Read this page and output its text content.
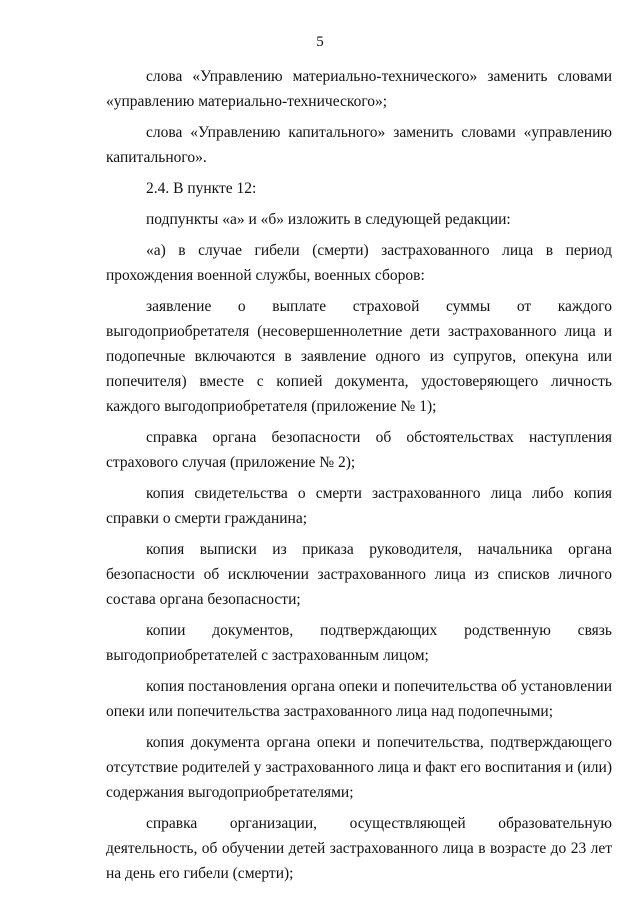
5

слова «Управлению материально-технического» заменить словами «управлению материально-технического»;

слова «Управлению капитального» заменить словами «управлению капитального».

2.4. В пункте 12:

подпункты «а» и «б» изложить в следующей редакции:

«а) в случае гибели (смерти) застрахованного лица в период прохождения военной службы, военных сборов:

заявление о выплате страховой суммы от каждого выгодоприобретателя (несовершеннолетние дети застрахованного лица и подопечные включаются в заявление одного из супругов, опекуна или попечителя) вместе с копией документа, удостоверяющего личность каждого выгодоприобретателя (приложение № 1);

справка органа безопасности об обстоятельствах наступления страхового случая (приложение № 2);

копия свидетельства о смерти застрахованного лица либо копия справки о смерти гражданина;

копия выписки из приказа руководителя, начальника органа безопасности об исключении застрахованного лица из списков личного состава органа безопасности;

копии документов, подтверждающих родственную связь выгодоприобретателей с застрахованным лицом;

копия постановления органа опеки и попечительства об установлении опеки или попечительства застрахованного лица над подопечными;

копия документа органа опеки и попечительства, подтверждающего отсутствие родителей у застрахованного лица и факт его воспитания и (или) содержания выгодоприобретателями;

справка организации, осуществляющей образовательную деятельность, об обучении детей застрахованного лица в возрасте до 23 лет на день его гибели (смерти);
